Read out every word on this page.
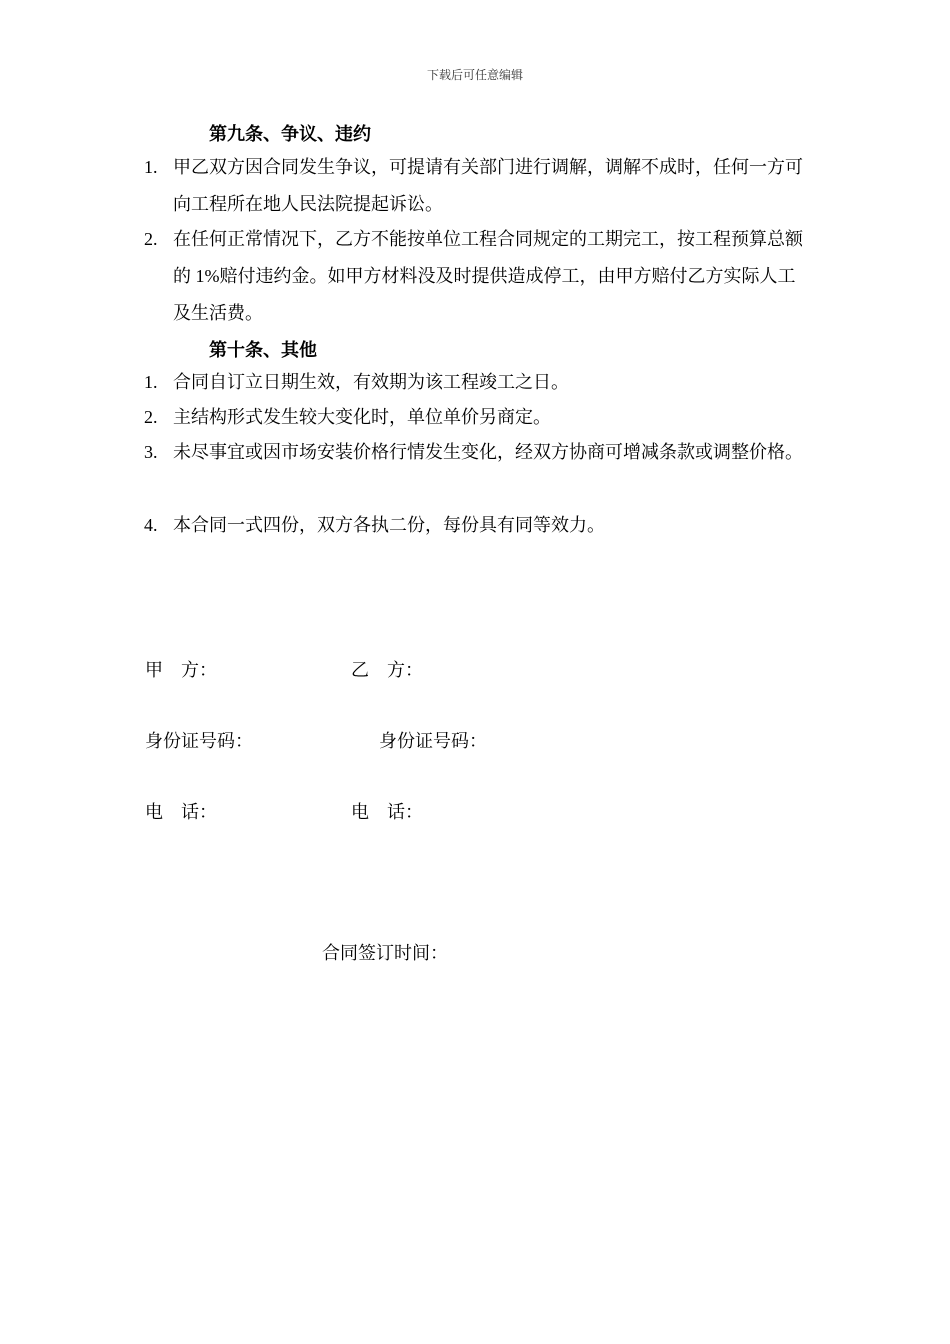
下载后可任意编辑
第九条、争议、违约
1. 甲乙双方因合同发生争议，可提请有关部门进行调解，调解不成时，任何一方可向工程所在地人民法院提起诉讼。
2. 在任何正常情况下，乙方不能按单位工程合同规定的工期完工，按工程预算总额的 1%赔付违约金。如甲方材料没及时提供造成停工，由甲方赔付乙方实际人工及生活费。
第十条、其他
1. 合同自订立日期生效，有效期为该工程竣工之日。
2. 主结构形式发生较大变化时，单位单价另商定。
3. 未尽事宜或因市场安装价格行情发生变化，经双方协商可增减条款或调整价格。
4. 本合同一式四份，双方各执二份，每份具有同等效力。
甲    方：	乙    方：
身份证号码：	身份证号码：
电    话：	电    话：
合同签订时间：
